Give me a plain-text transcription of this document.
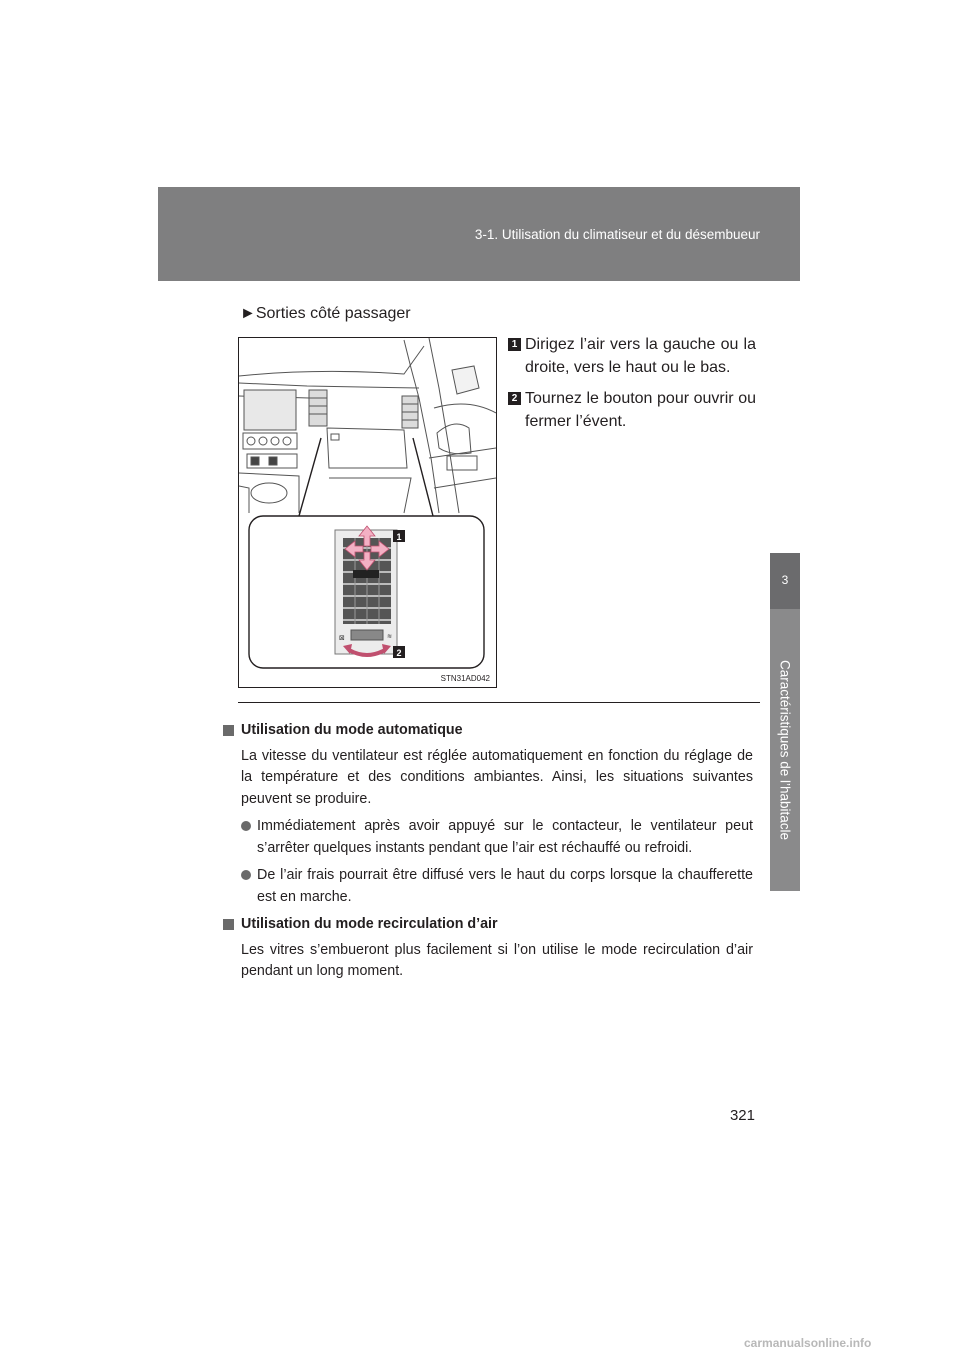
3-1. Utilisation du climatiseur et du désembueur
3
Caractéristiques de l’habitacle
►Sorties côté passager
⊠	≋
1
2
STN31AD042
1 Dirigez l’air vers la gauche ou la droite, vers le haut ou le bas.
2 Tournez le bouton pour ouvrir ou fermer l’évent.
Utilisation du mode automatique
La vitesse du ventilateur est réglée automatiquement en fonction du réglage de la température et des conditions ambiantes. Ainsi, les situations suivantes peuvent se produire.
Immédiatement après avoir appuyé sur le contacteur, le ventilateur peut s’arrêter quelques instants pendant que l’air est réchauffé ou refroidi.
De l’air frais pourrait être diffusé vers le haut du corps lorsque la chaufferette est en marche.
Utilisation du mode recirculation d’air
Les vitres s’embueront plus facilement si l’on utilise le mode recirculation d’air pendant un long moment.
321
carmanualsonline.info
